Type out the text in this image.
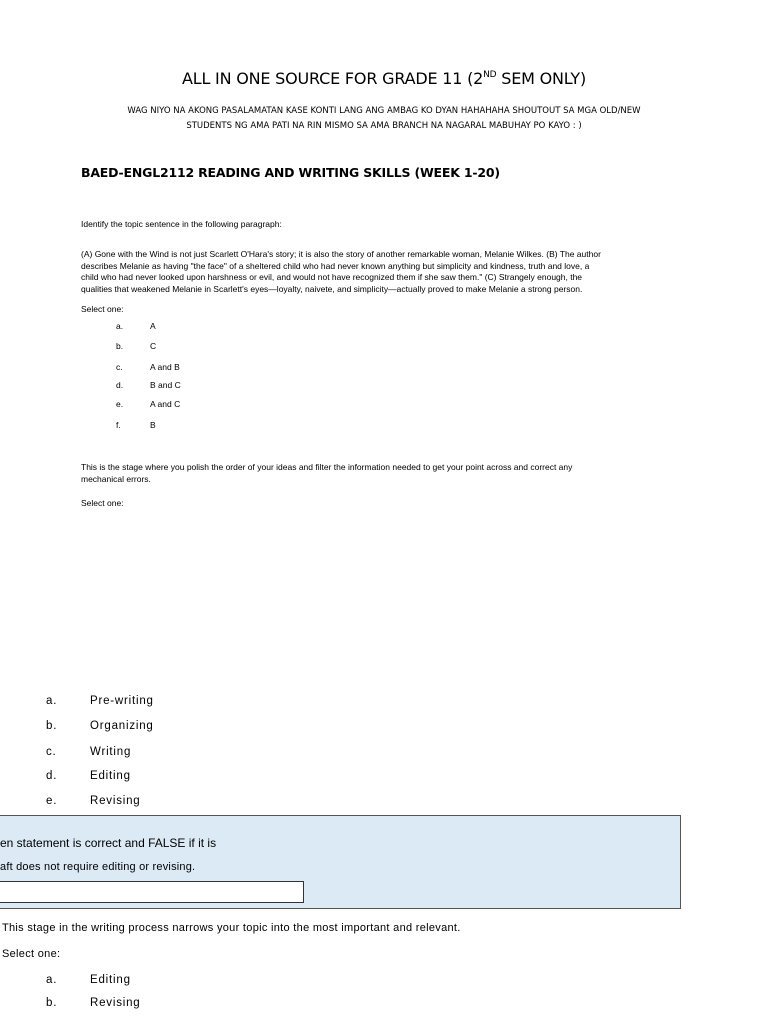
ALL IN ONE SOURCE FOR GRADE 11 (2ND SEM ONLY)
WAG NIYO NA AKONG PASALAMATAN KASE KONTI LANG ANG AMBAG KO DYAN HAHAHAHA SHOUTOUT SA MGA OLD/NEW
STUDENTS NG AMA PATI NA RIN MISMO SA AMA BRANCH NA NAGARAL MABUHAY PO KAYO : )
BAED-ENGL2112 READING AND WRITING SKILLS (WEEK 1-20)
Identify the topic sentence in the following paragraph:
(A) Gone with the Wind is not just Scarlett O'Hara's story; it is also the story of another remarkable woman, Melanie Wilkes. (B) The author
describes Melanie as having "the face" of a sheltered child who had never known anything but simplicity and kindness, truth and love, a
child who had never looked upon harshness or evil, and would not have recognized them if she saw them." (C) Strangely enough, the
qualities that weakened Melanie in Scarlett's eyes—loyalty, naivete, and simplicity—actually proved to make Melanie a strong person.
Select one:
a.	A
b.	C
c.	A and B
d.	B and C
e.	A and C
f.	B
This is the stage where you polish the order of your ideas and filter the information needed to get your point across and correct any
mechanical errors.
Select one:
a.	Pre-writing
b.	Organizing
c.	Writing
d.	Editing
e.	Revising
en statement is correct and FALSE if it is
aft does not require editing or revising.
This stage in the writing process narrows your topic into the most important and relevant.
Select one:
a.	Editing
b.	Revising
